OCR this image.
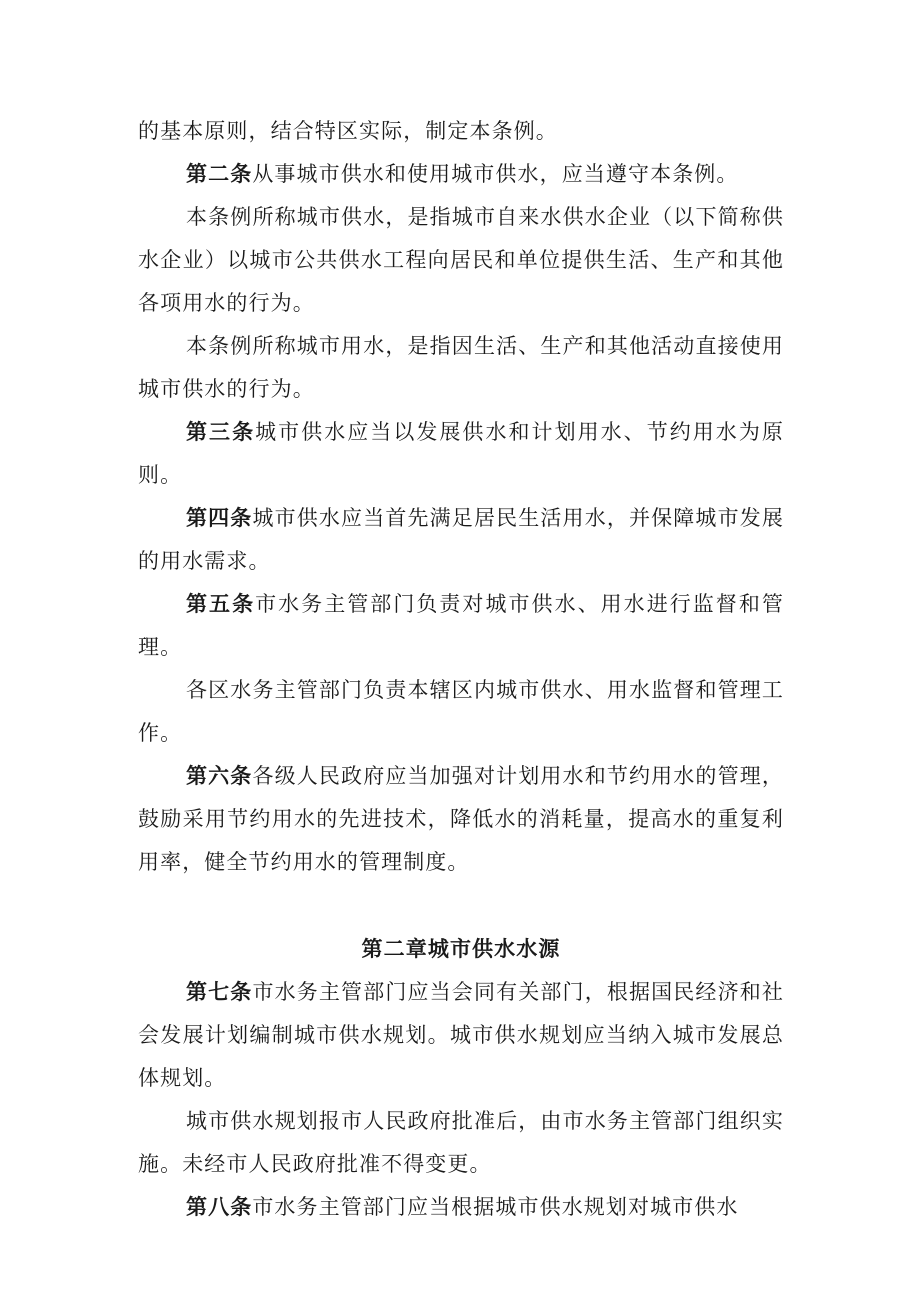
的基本原则，结合特区实际，制定本条例。

第二条从事城市供水和使用城市供水，应当遵守本条例。

本条例所称城市供水，是指城市自来水供水企业（以下简称供水企业）以城市公共供水工程向居民和单位提供生活、生产和其他各项用水的行为。

本条例所称城市用水，是指因生活、生产和其他活动直接使用城市供水的行为。

第三条城市供水应当以发展供水和计划用水、节约用水为原则。

第四条城市供水应当首先满足居民生活用水，并保障城市发展的用水需求。

第五条市水务主管部门负责对城市供水、用水进行监督和管理。

各区水务主管部门负责本辖区内城市供水、用水监督和管理工作。

第六条各级人民政府应当加强对计划用水和节约用水的管理，鼓励采用节约用水的先进技术，降低水的消耗量，提高水的重复利用率，健全节约用水的管理制度。

第二章城市供水水源

第七条市水务主管部门应当会同有关部门，根据国民经济和社会发展计划编制城市供水规划。城市供水规划应当纳入城市发展总体规划。

城市供水规划报市人民政府批准后，由市水务主管部门组织实施。未经市人民政府批准不得变更。

第八条市水务主管部门应当根据城市供水规划对城市供水
